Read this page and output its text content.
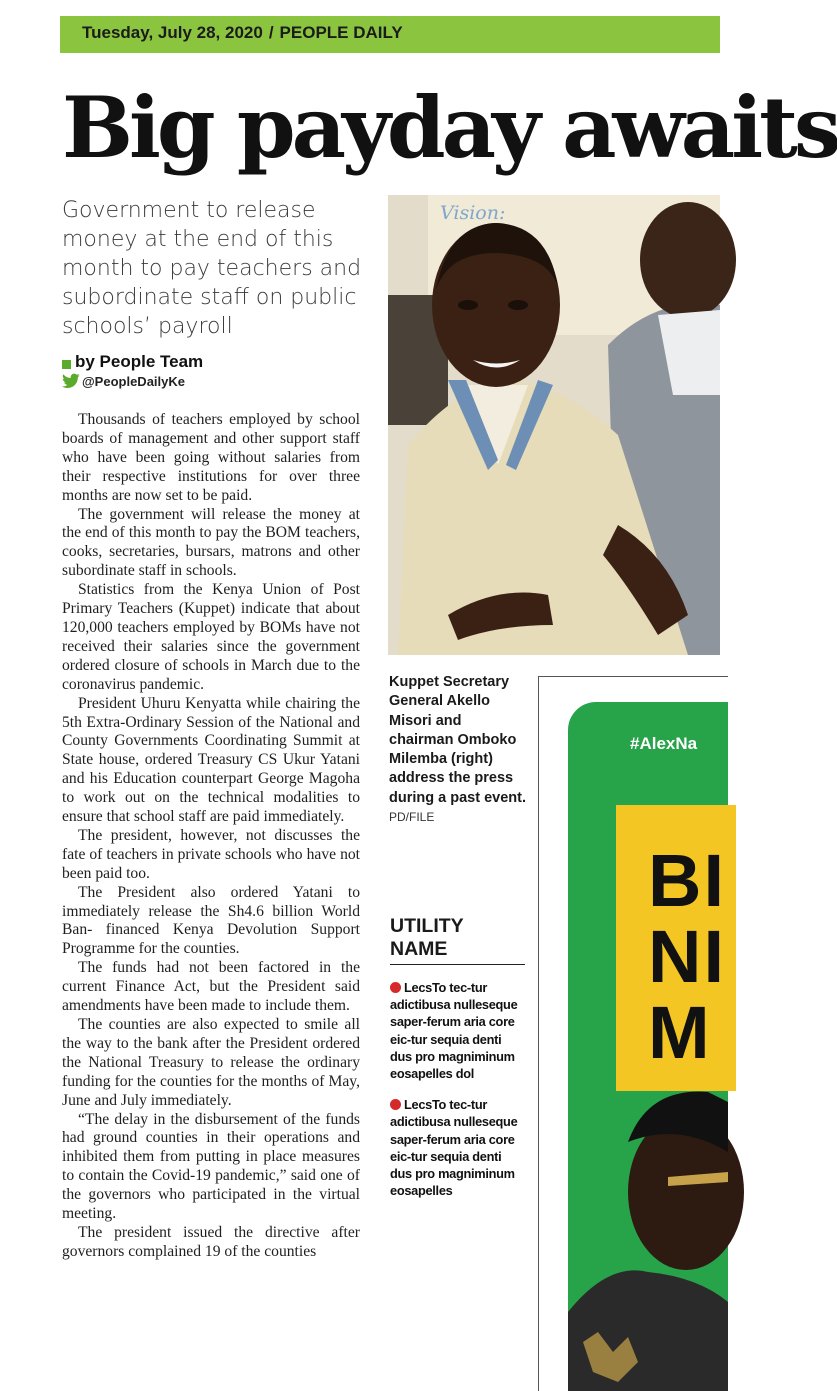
Tuesday, July 28, 2020 / PEOPLE DAILY
Big payday awaits
Government to release money at the end of this month to pay teachers and subordinate staff on public schools’ payroll
by People Team
@PeopleDailyKe

Thousands of teachers employed by school boards of management and other support staff who have been going without salaries from their respective institutions for over three months are now set to be paid.

The government will release the money at the end of this month to pay the BOM teachers, cooks, secretaries, bursars, matrons and other subordinate staff in schools.

Statistics from the Kenya Union of Post Primary Teachers (Kuppet) indicate that about 120,000 teachers employed by BOMs have not received their salaries since the government ordered closure of schools in March due to the coronavirus pandemic.

President Uhuru Kenyatta while chairing the 5th Extra-Ordinary Session of the National and County Governments Coordinating Summit at State house, ordered Treasury CS Ukur Yatani and his Education counterpart George Magoha to work out on the technical modalities to ensure that school staff are paid immediately.

The president, however, not discusses the fate of teachers in private schools who have not been paid too.

The President also ordered Yatani to immediately release the Sh4.6 billion World Ban- financed Kenya Devolution Support Programme for the counties.

The funds had not been factored in the current Finance Act, but the President said amendments have been made to include them.

The counties are also expected to smile all the way to the bank after the President ordered the National Treasury to release the ordinary funding for the counties for the months of May, June and July immediately.

“The delay in the disbursement of the funds had ground counties in their operations and inhibited them from putting in place measures to contain the Covid-19 pandemic,” said one of the governors who participated in the virtual meeting.

The president issued the directive after governors complained 19 of the counties

Vision:
Kuppet Secretary General Akello Misori and chairman Omboko Milemba (right) address the press during a past event. PD/FILE
UTILITY NAME
LecsTo tec-tur adictibusa nulleseque saper-ferum aria core eic-tur sequia denti dus pro magniminum eosapelles dol
LecsTo tec-tur adictibusa nulleseque saper-ferum aria core eic-tur sequia denti dus pro magniminum eosapelles
#AlexNa
BI
NI
M
